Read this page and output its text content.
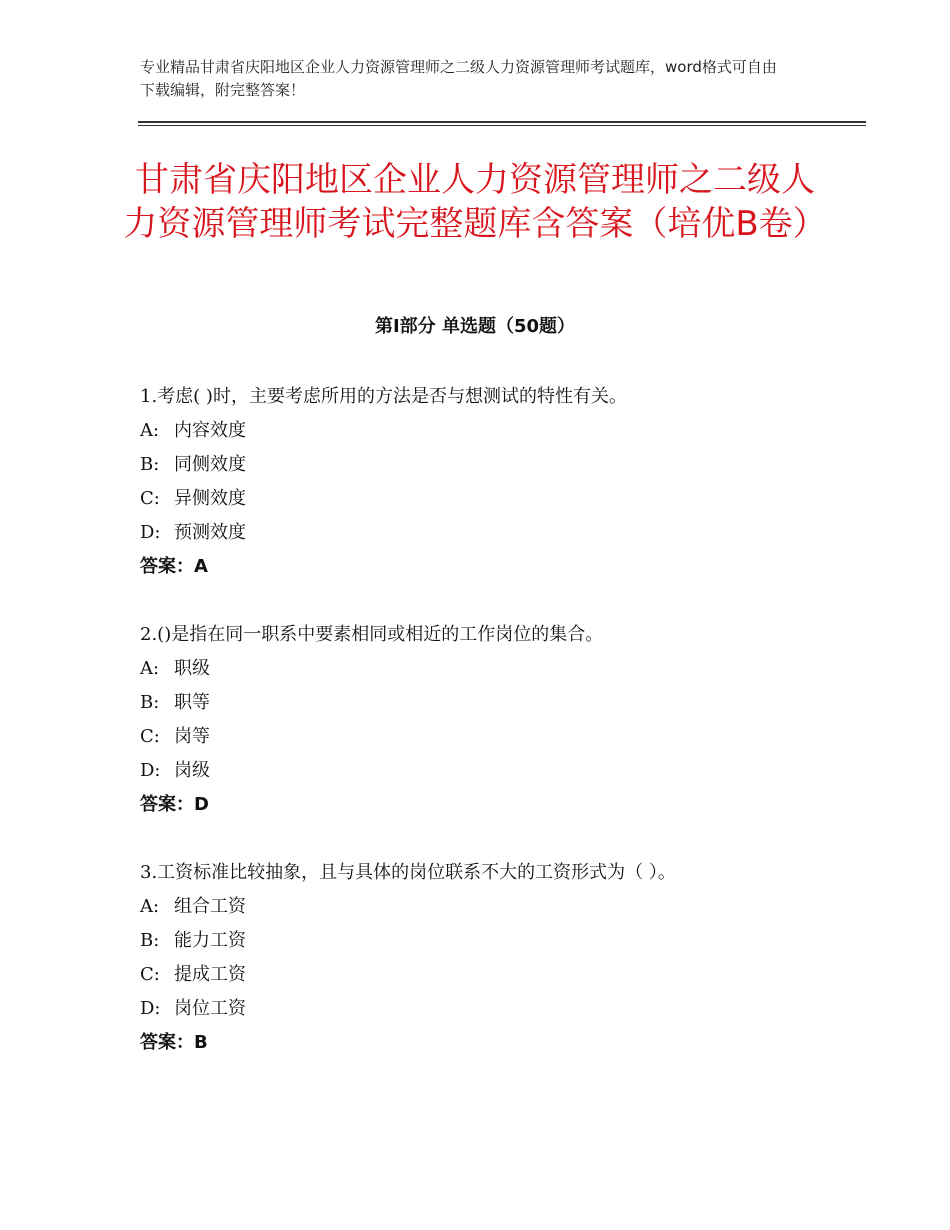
专业精品甘肃省庆阳地区企业人力资源管理师之二级人力资源管理师考试题库，word格式可自由下载编辑，附完整答案！
甘肃省庆阳地区企业人力资源管理师之二级人力资源管理师考试完整题库含答案（培优B卷）
第Ⅰ部分 单选题（50题）
1.考虑( )时，主要考虑所用的方法是否与想测试的特性有关。
A: 内容效度
B: 同侧效度
C: 异侧效度
D: 预测效度
答案：A
2.()是指在同一职系中要素相同或相近的工作岗位的集合。
A: 职级
B: 职等
C: 岗等
D: 岗级
答案：D
3.工资标准比较抽象，且与具体的岗位联系不大的工资形式为（ ）。
A: 组合工资
B: 能力工资
C: 提成工资
D: 岗位工资
答案：B
